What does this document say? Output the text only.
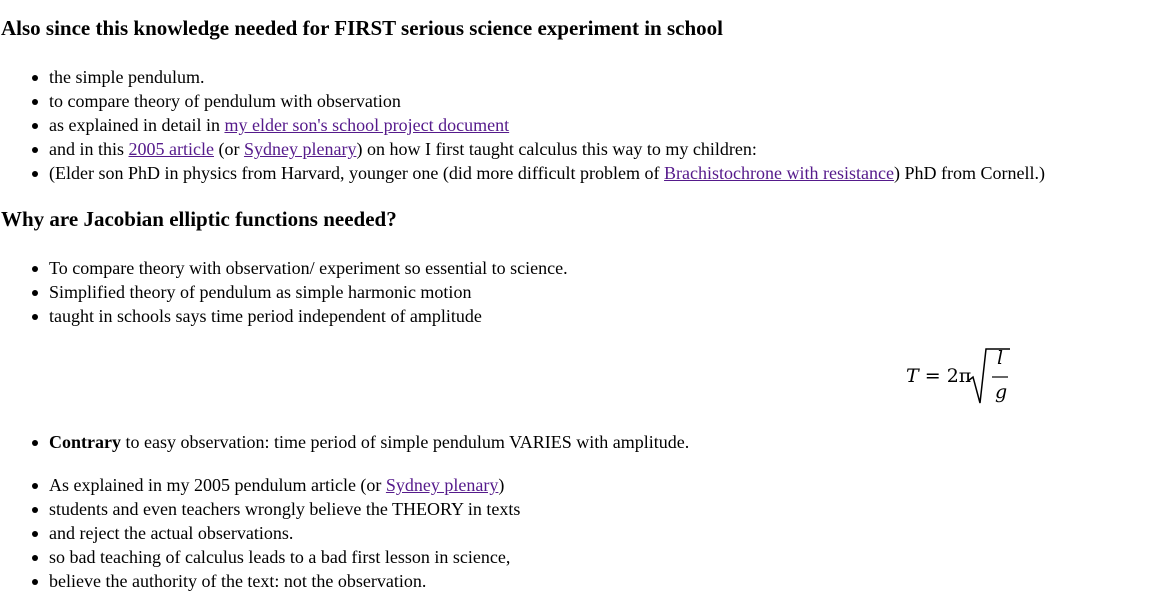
Also since this knowledge needed for FIRST serious science experiment in school
the simple pendulum.
to compare theory of pendulum with observation
as explained in detail in my elder son's school project document
and in this 2005 article (or Sydney plenary) on how I first taught calculus this way to my children:
(Elder son PhD in physics from Harvard, younger one (did more difficult problem of Brachistochrone with resistance) PhD from Cornell.)
Why are Jacobian elliptic functions needed?
To compare theory with observation/ experiment so essential to science.
Simplified theory of pendulum as simple harmonic motion
taught in schools says time period independent of amplitude
T = 2π
l
g
Contrary to easy observation: time period of simple pendulum VARIES with amplitude.
As explained in my 2005 pendulum article (or Sydney plenary)
students and even teachers wrongly believe the THEORY in texts
and reject the actual observations.
so bad teaching of calculus leads to a bad first lesson in science,
believe the authority of the text: not the observation.
